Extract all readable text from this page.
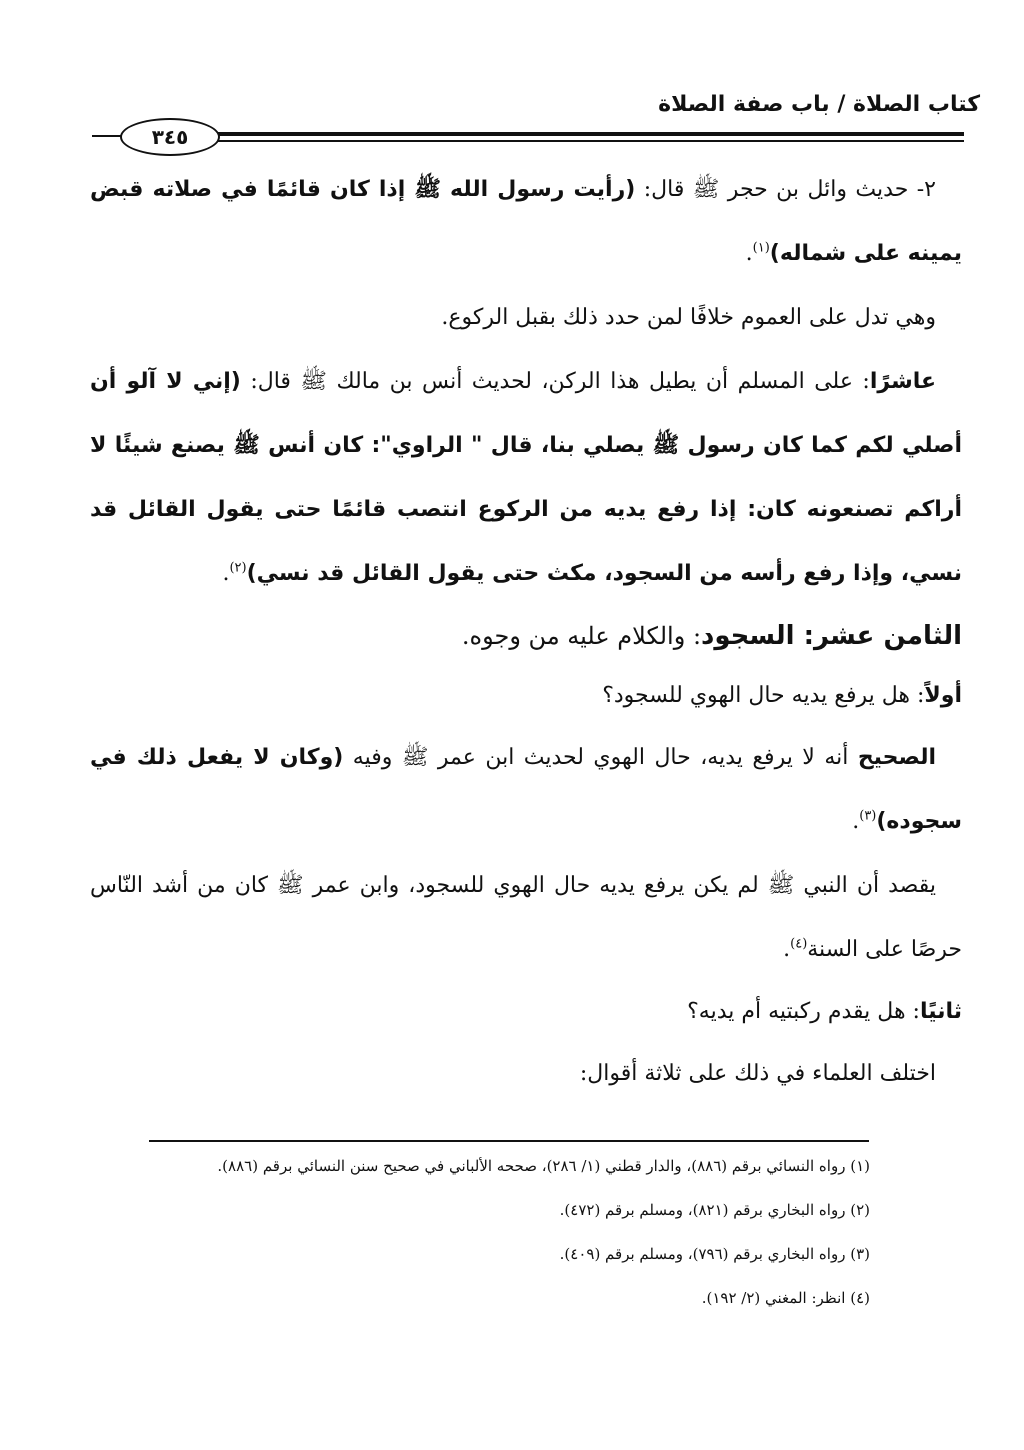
كتاب الصلاة / باب صفة الصلاة
٣٤٥

٢- حديث وائل بن حجر ﷺ قال: (رأيت رسول الله ﷺ إذا كان قائمًا في صلاته قبض يمينه على شماله)$^{(١)}$.

وهي تدل على العموم خلافًا لمن حدد ذلك بقبل الركوع.

عاشرًا: على المسلم أن يطيل هذا الركن، لحديث أنس بن مالك ﷺ قال: (إني لا آلو أن أصلي لكم كما كان رسول ﷺ يصلي بنا، قال " الراوي": كان أنس ﷺ يصنع شيئًا لا أراكم تصنعونه كان: إذا رفع يديه من الركوع انتصب قائمًا حتى يقول القائل قد نسي، وإذا رفع رأسه من السجود، مكث حتى يقول القائل قد نسي)$^{(٢)}$.

الثامن عشر: السجود: والكلام عليه من وجوه.

أولاً: هل يرفع يديه حال الهوي للسجود؟

الصحيح أنه لا يرفع يديه، حال الهوي لحديث ابن عمر ﷺ وفيه (وكان لا يفعل ذلك في سجوده)$^{(٣)}$.

يقصد أن النبي ﷺ لم يكن يرفع يديه حال الهوي للسجود، وابن عمر ﷺ كان من أشد النّاس حرصًا على السنة$^{(٤)}$.

ثانيًا: هل يقدم ركبتيه أم يديه؟

اختلف العلماء في ذلك على ثلاثة أقوال:

(١) رواه النسائي برقم (٨٨٦)، والدار قطني (١/ ٢٨٦)، صححه الألباني في صحيح سنن النسائي برقم (٨٨٦).

(٢) رواه البخاري برقم (٨٢١)، ومسلم برقم (٤٧٢).

(٣) رواه البخاري برقم (٧٩٦)، ومسلم برقم (٤٠٩).

(٤) انظر: المغني (٢/ ١٩٢).
